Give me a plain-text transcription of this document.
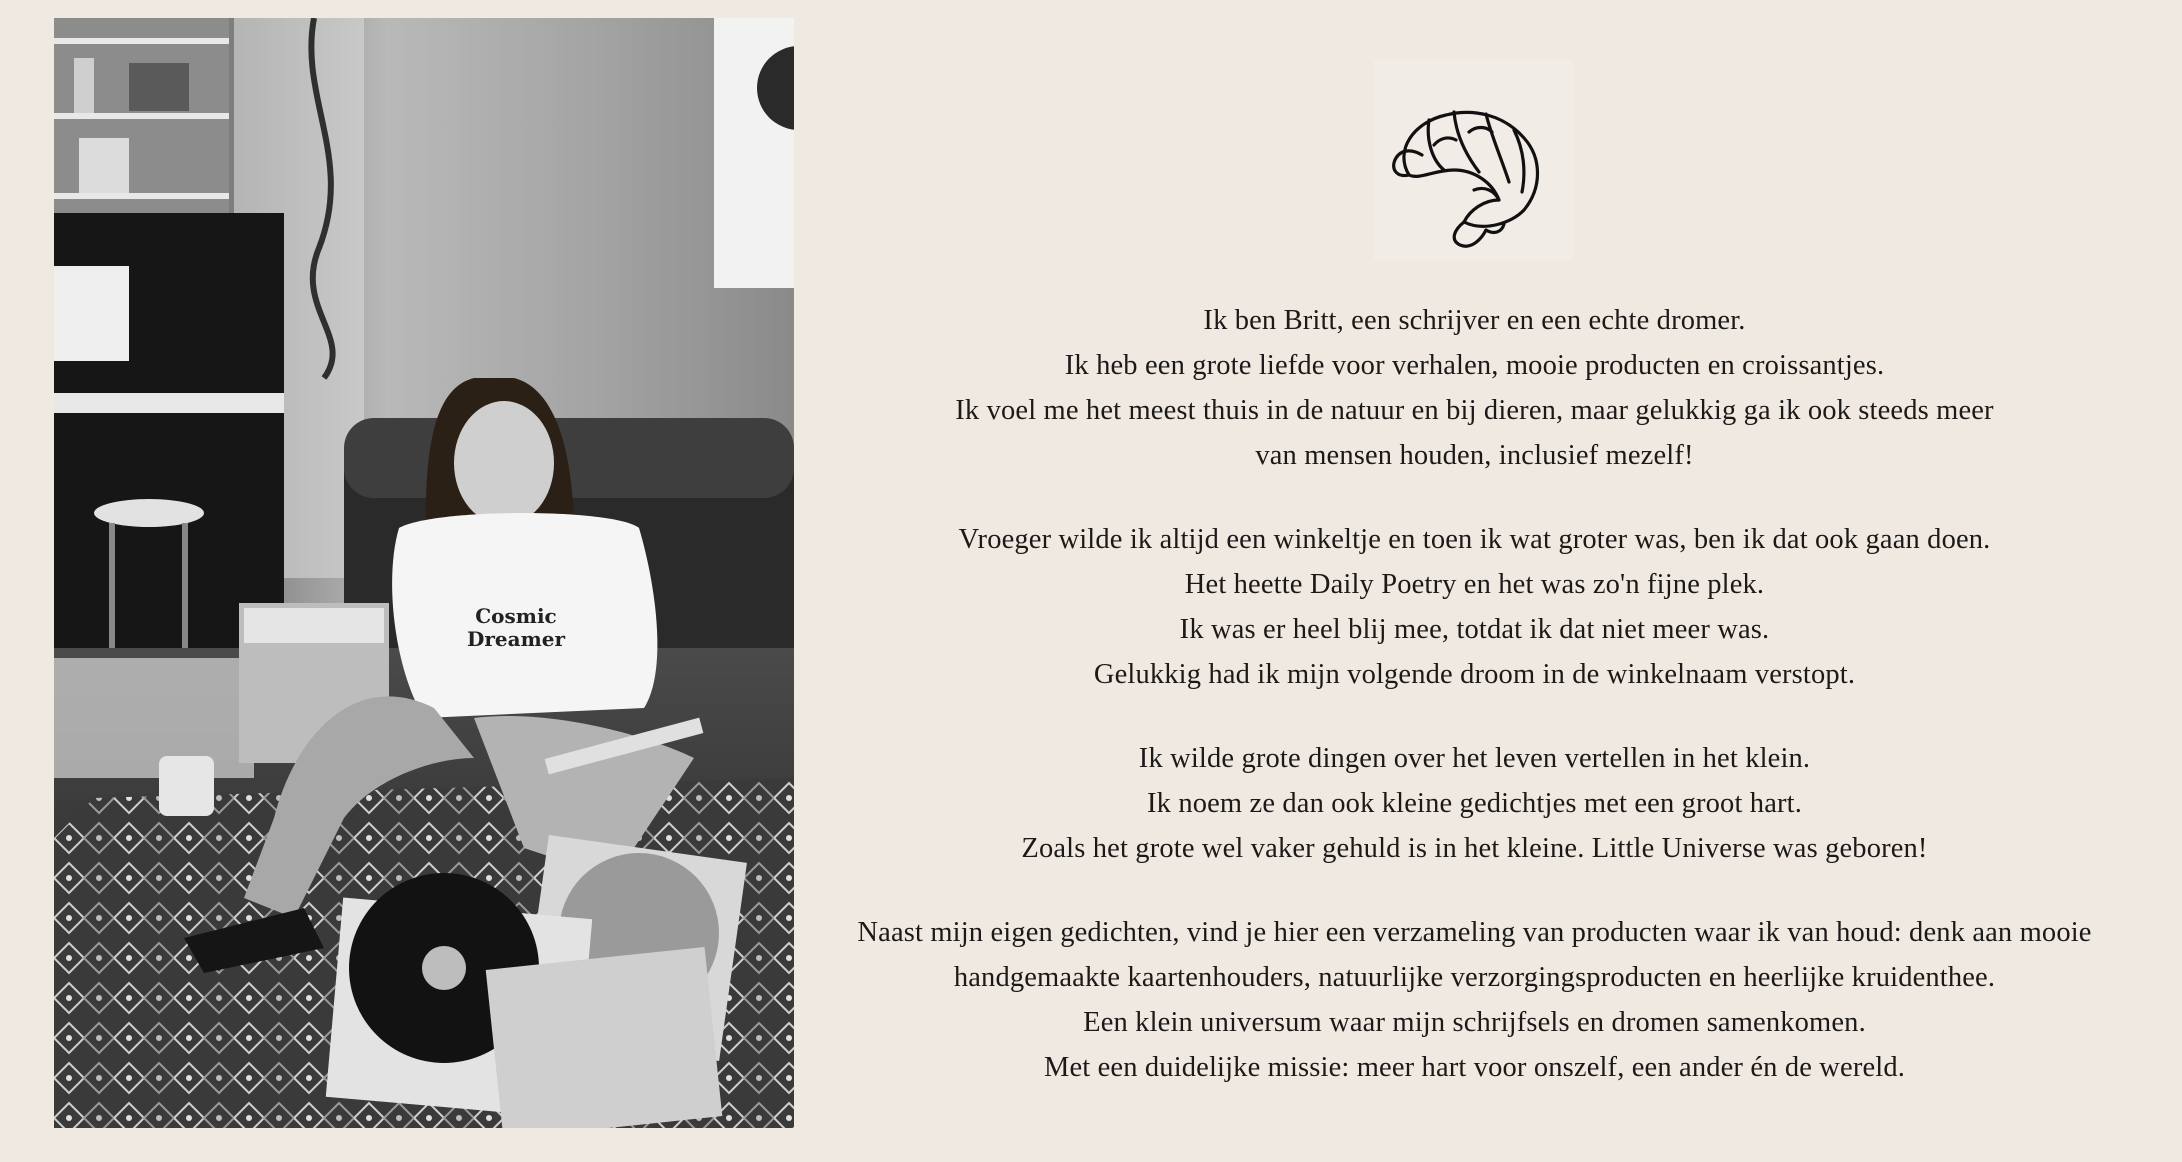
Cosmic
Dreamer

Ik ben Britt, een schrijver en een echte dromer.
Ik heb een grote liefde voor verhalen, mooie producten en croissantjes.
Ik voel me het meest thuis in de natuur en bij dieren, maar gelukkig ga ik ook steeds meer
van mensen houden, inclusief mezelf!

Vroeger wilde ik altijd een winkeltje en toen ik wat groter was, ben ik dat ook gaan doen.
Het heette Daily Poetry en het was zo'n fijne plek.
Ik was er heel blij mee, totdat ik dat niet meer was.
Gelukkig had ik mijn volgende droom in de winkelnaam verstopt.

Ik wilde grote dingen over het leven vertellen in het klein.
Ik noem ze dan ook kleine gedichtjes met een groot hart.
Zoals het grote wel vaker gehuld is in het kleine. Little Universe was geboren!

Naast mijn eigen gedichten, vind je hier een verzameling van producten waar ik van houd: denk aan mooie
handgemaakte kaartenhouders, natuurlijke verzorgingsproducten en heerlijke kruidenthee.
Een klein universum waar mijn schrijfsels en dromen samenkomen.
Met een duidelijke missie: meer hart voor onszelf, een ander én de wereld.
